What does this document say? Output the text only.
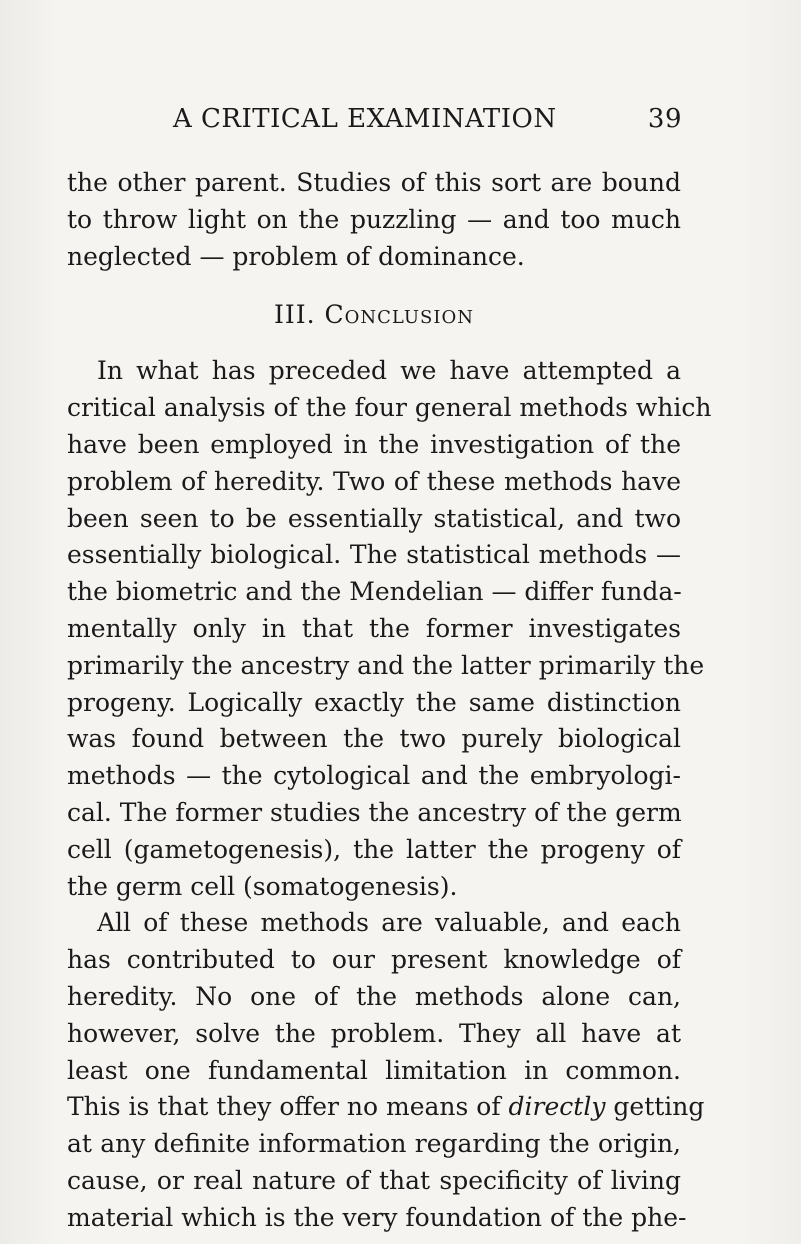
A CRITICAL EXAMINATION	39
the other parent. Studies of this sort are bound
to throw light on the puzzling — and too much
neglected — problem of dominance.
III. Conclusion
In what has preceded we have attempted a
critical analysis of the four general methods which
have been employed in the investigation of the
problem of heredity. Two of these methods have
been seen to be essentially statistical, and two
essentially biological. The statistical methods —
the biometric and the Mendelian — differ funda-
mentally only in that the former investigates
primarily the ancestry and the latter primarily the
progeny. Logically exactly the same distinction
was found between the two purely biological
methods — the cytological and the embryologi-
cal. The former studies the ancestry of the germ
cell (gametogenesis), the latter the progeny of
the germ cell (somatogenesis).
All of these methods are valuable, and each
has contributed to our present knowledge of
heredity. No one of the methods alone can,
however, solve the problem. They all have at
least one fundamental limitation in common.
This is that they offer no means of directly getting
at any definite information regarding the origin,
cause, or real nature of that specificity of living
material which is the very foundation of the phe-
